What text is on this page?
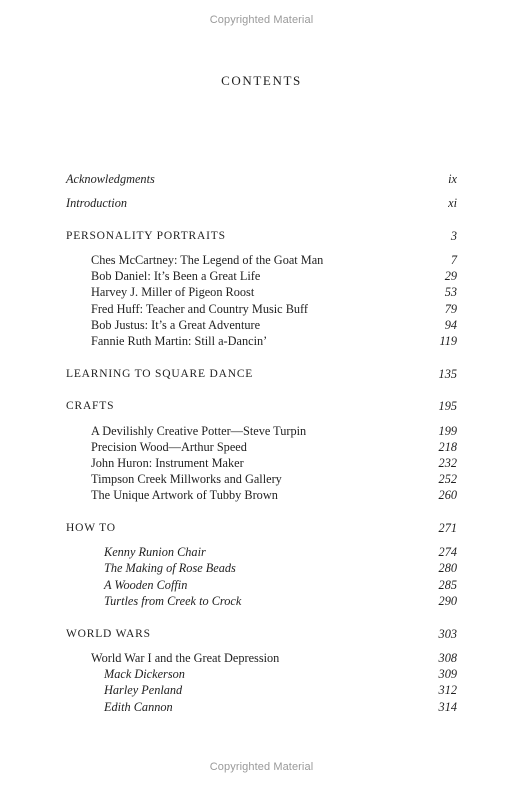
Copyrighted Material
CONTENTS
Acknowledgments	ix
Introduction	xi
PERSONALITY PORTRAITS	3
Ches McCartney: The Legend of the Goat Man	7
Bob Daniel: It’s Been a Great Life	29
Harvey J. Miller of Pigeon Roost	53
Fred Huff: Teacher and Country Music Buff	79
Bob Justus: It’s a Great Adventure	94
Fannie Ruth Martin: Still a-Dancin’	119
LEARNING TO SQUARE DANCE	135
CRAFTS	195
A Devilishly Creative Potter—Steve Turpin	199
Precision Wood—Arthur Speed	218
John Huron: Instrument Maker	232
Timpson Creek Millworks and Gallery	252
The Unique Artwork of Tubby Brown	260
HOW TO	271
Kenny Runion Chair	274
The Making of Rose Beads	280
A Wooden Coffin	285
Turtles from Creek to Crock	290
WORLD WARS	303
World War I and the Great Depression	308
Mack Dickerson	309
Harley Penland	312
Edith Cannon	314
Copyrighted Material
